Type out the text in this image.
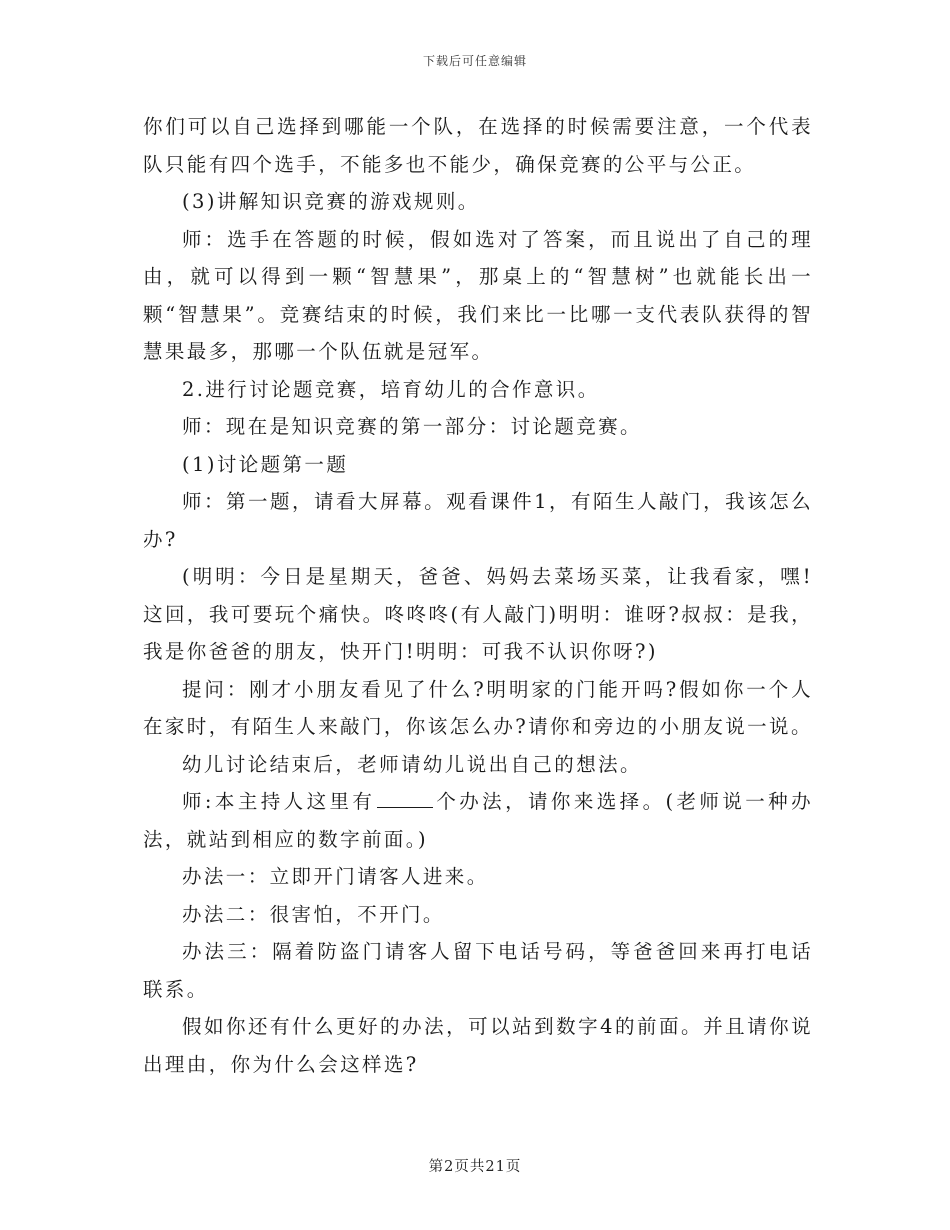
下载后可任意编辑

你们可以自己选择到哪能一个队，在选择的时候需要注意，一个代表队只能有四个选手，不能多也不能少，确保竞赛的公平与公正。

(3)讲解知识竞赛的游戏规则。

师：选手在答题的时候，假如选对了答案，而且说出了自己的理由，就可以得到一颗“智慧果”，那桌上的“智慧树”也就能长出一颗“智慧果”。竞赛结束的时候，我们来比一比哪一支代表队获得的智慧果最多，那哪一个队伍就是冠军。

2.进行讨论题竞赛，培育幼儿的合作意识。

师：现在是知识竞赛的第一部分：讨论题竞赛。

(1)讨论题第一题

师：第一题，请看大屏幕。观看课件1，有陌生人敲门，我该怎么办?

(明明：今日是星期天，爸爸、妈妈去菜场买菜，让我看家，嘿!这回，我可要玩个痛快。咚咚咚(有人敲门)明明：谁呀?叔叔：是我，我是你爸爸的朋友，快开门!明明：可我不认识你呀?)

提问：刚才小朋友看见了什么?明明家的门能开吗?假如你一个人在家时，有陌生人来敲门，你该怎么办?请你和旁边的小朋友说一说。

幼儿讨论结束后，老师请幼儿说出自己的想法。

师:本主持人这里有	个办法，请你来选择。(老师说一种办法，就站到相应的数字前面。)

办法一：立即开门请客人进来。

办法二：很害怕，不开门。

办法三：隔着防盗门请客人留下电话号码，等爸爸回来再打电话联系。

假如你还有什么更好的办法，可以站到数字4的前面。并且请你说出理由，你为什么会这样选?

第2页共21页
